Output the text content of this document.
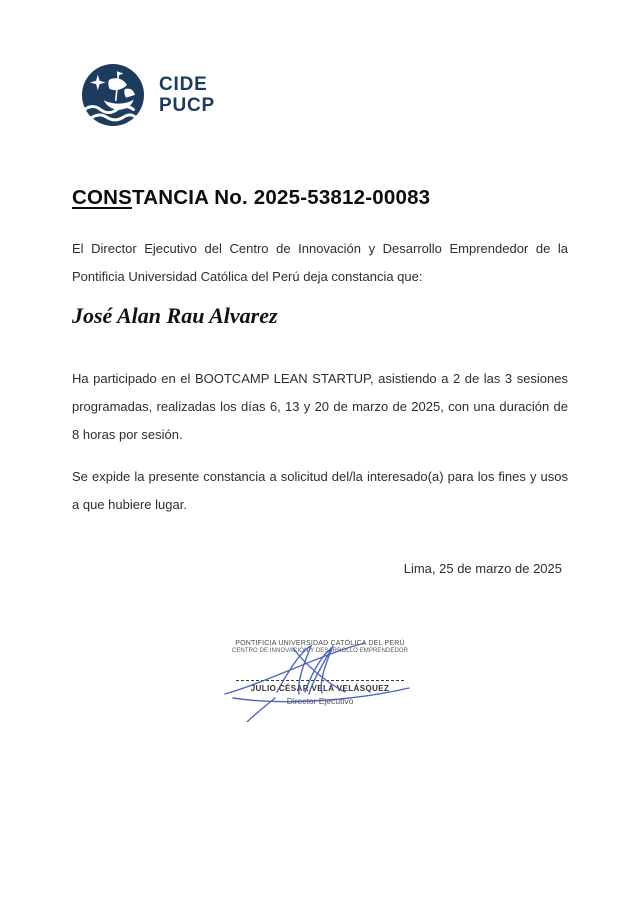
CIDE
PUCP
CONSTANCIA No. 2025-53812-00083

El Director Ejecutivo del Centro de Innovación y Desarrollo Emprendedor de la Pontificia Universidad Católica del Perú deja constancia que:

José Alan Rau Alvarez

Ha participado en el BOOTCAMP LEAN STARTUP, asistiendo a 2 de las 3 sesiones programadas, realizadas los días 6, 13 y 20 de marzo de 2025, con una duración de 8 horas por sesión.

Se expide la presente constancia a solicitud del/la interesado(a) para los fines y usos a que hubiere lugar.

Lima, 25 de marzo de 2025
PONTIFICIA UNIVERSIDAD CATÓLICA DEL PERÚ
CENTRO DE INNOVACIÓN Y DESARROLLO EMPRENDEDOR
JULIO CÉSAR VELA VELÁSQUEZ
Director Ejecutivo
